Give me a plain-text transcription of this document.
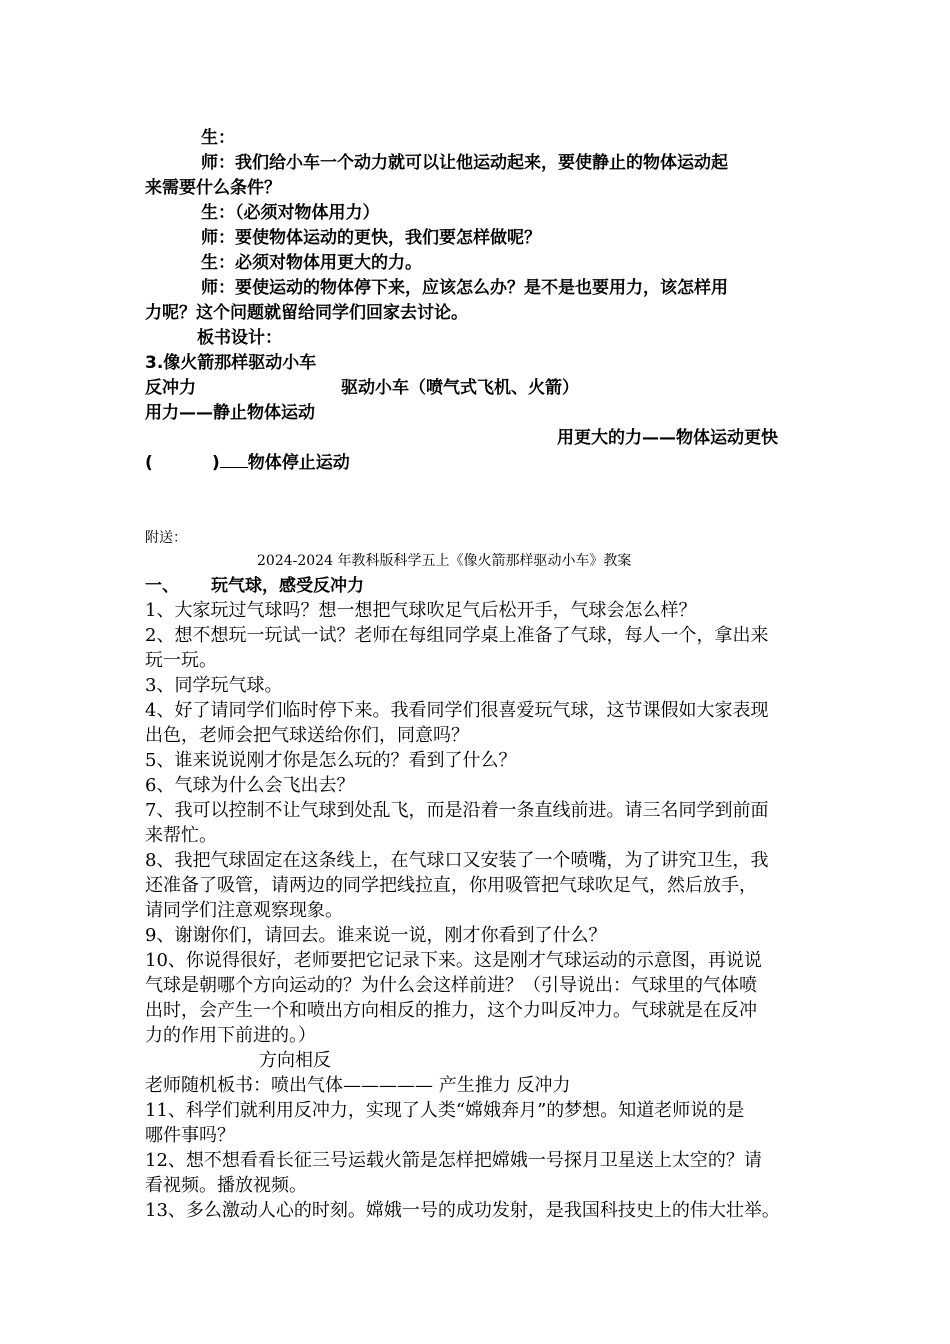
生：
师：我们给小车一个动力就可以让他运动起来，要使静止的物体运动起
来需要什么条件？
生：（必须对物体用力）
师：要使物体运动的更快，我们要怎样做呢？
生：必须对物体用更大的力。
师：要使运动的物体停下来，应该怎么办？是不是也要用力，该怎样用
力呢？这个问题就留给同学们回家去讨论。
板书设计：
3.像火箭那样驱动小车
反冲力	驱动小车（喷气式飞机、火箭）
用力——静止物体运动
用更大的力——物体运动更快
(          ) 物体停止运动
附送：
2024-2024 年教科版科学五上《像火箭那样驱动小车》教案
一、 玩气球，感受反冲力
1、大家玩过气球吗？想一想把气球吹足气后松开手，气球会怎么样？
2、想不想玩一玩试一试？老师在每组同学桌上准备了气球，每人一个，拿出来
玩一玩。
3、同学玩气球。
4、好了请同学们临时停下来。我看同学们很喜爱玩气球，这节课假如大家表现
出色，老师会把气球送给你们，同意吗？
5、谁来说说刚才你是怎么玩的？看到了什么？
6、气球为什么会飞出去？
7、我可以控制不让气球到处乱飞，而是沿着一条直线前进。请三名同学到前面
来帮忙。
8、我把气球固定在这条线上，在气球口又安装了一个喷嘴，为了讲究卫生，我
还准备了吸管，请两边的同学把线拉直，你用吸管把气球吹足气，然后放手，
请同学们注意观察现象。
9、谢谢你们，请回去。谁来说一说，刚才你看到了什么？
10、你说得很好，老师要把它记录下来。这是刚才气球运动的示意图，再说说
气球是朝哪个方向运动的？为什么会这样前进？（引导说出：气球里的气体喷
出时，会产生一个和喷出方向相反的推力，这个力叫反冲力。气球就是在反冲
力的作用下前进的。）
方向相反
老师随机板书：喷出气体————— 产生推力 反冲力
11、科学们就利用反冲力，实现了人类“嫦娥奔月”的梦想。知道老师说的是
哪件事吗？
12、想不想看看长征三号运载火箭是怎样把嫦娥一号探月卫星送上太空的？请
看视频。播放视频。
13、多么激动人心的时刻。嫦娥一号的成功发射，是我国科技史上的伟大壮举。
